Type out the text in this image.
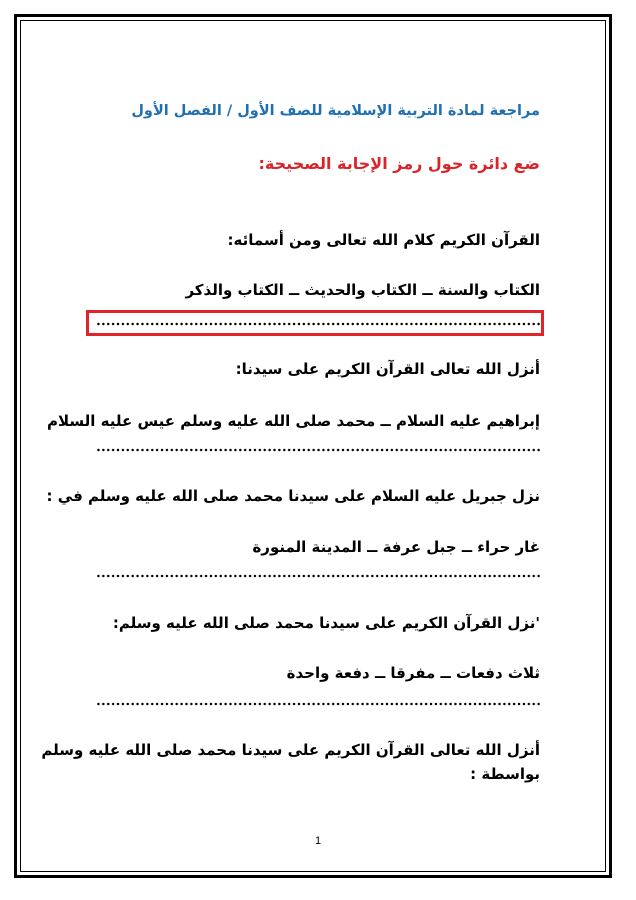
مراجعة لمادة التربية الإسلامية للصف الأول / الفصل الأول
ضع دائرة حول رمز الإجابة الصحيحة:
القرآن الكريم كلام الله تعالى ومن أسمائه:
الكتاب والسنة ــ الكتاب والحديث ــ الكتاب والذكر
أنزل الله تعالى القرآن الكريم على سيدنا:
إبراهيم عليه السلام ــ محمد صلى الله عليه وسلم عيس عليه السلام
نزل جبريل عليه السلام على سيدنا محمد صلى الله عليه وسلم في :
غار حراء ــ جبل عرفة ــ المدينة المنورة
'نزل القرآن الكريم على سيدنا محمد صلى الله عليه وسلم:
ثلاث دفعات ــ مفرقا ــ دفعة واحدة
أنزل الله تعالى القرآن الكريم على سيدنا محمد صلى الله عليه وسلم
بواسطة :
1
